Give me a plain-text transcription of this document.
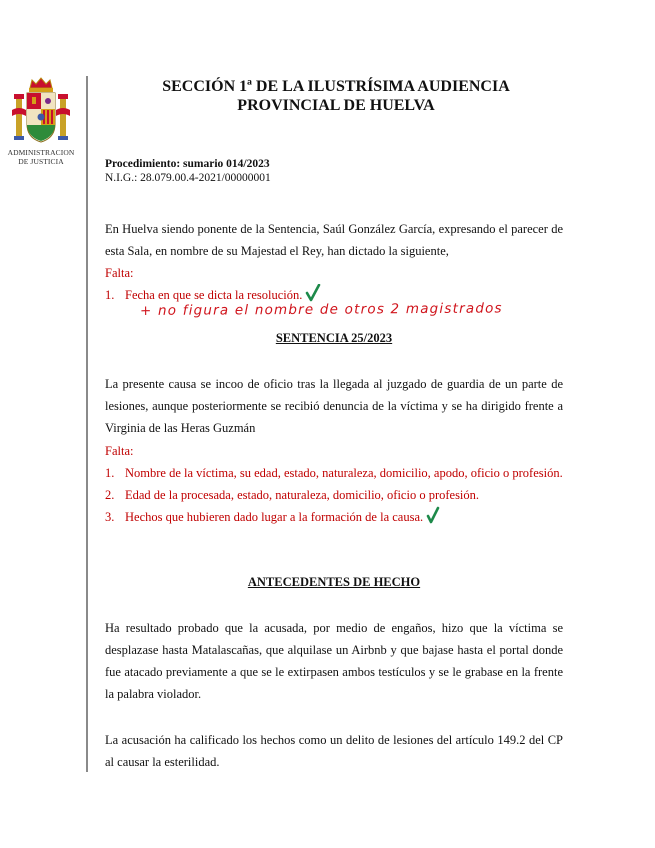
ADMINISTRACION
DE JUSTICIA
SECCIÓN 1ª DE LA ILUSTRÍSIMA AUDIENCIA
PROVINCIAL DE HUELVA
Procedimiento: sumario 014/2023
N.I.G.: 28.079.00.4-2021/00000001
En Huelva siendo ponente de la Sentencia, Saúl González García, expresando el parecer de esta Sala, en nombre de su Majestad el Rey, han dictado la siguiente,
Falta:
1. Fecha en que se dicta la resolución.
+ no figura el nombre de otros 2 magistrados
SENTENCIA 25/2023
La presente causa se incoo de oficio tras la llegada al juzgado de guardia de un parte de lesiones, aunque posteriormente se recibió denuncia de la víctima y se ha dirigido frente a Virginia de las Heras Guzmán
Falta:
1. Nombre de la víctima, su edad, estado, naturaleza, domicilio, apodo, oficio o profesión.
2. Edad de la procesada, estado, naturaleza, domicilio, oficio o profesión.
3. Hechos que hubieren dado lugar a la formación de la causa.
ANTECEDENTES DE HECHO
Ha resultado probado que la acusada, por medio de engaños, hizo que la víctima se desplazase hasta Matalascañas, que alquilase un Airbnb y que bajase hasta el portal donde fue atacado previamente a que se le extirpasen ambos testículos y se le grabase en la frente la palabra violador.
La acusación ha calificado los hechos como un delito de lesiones del artículo 149.2 del CP al causar la esterilidad.
